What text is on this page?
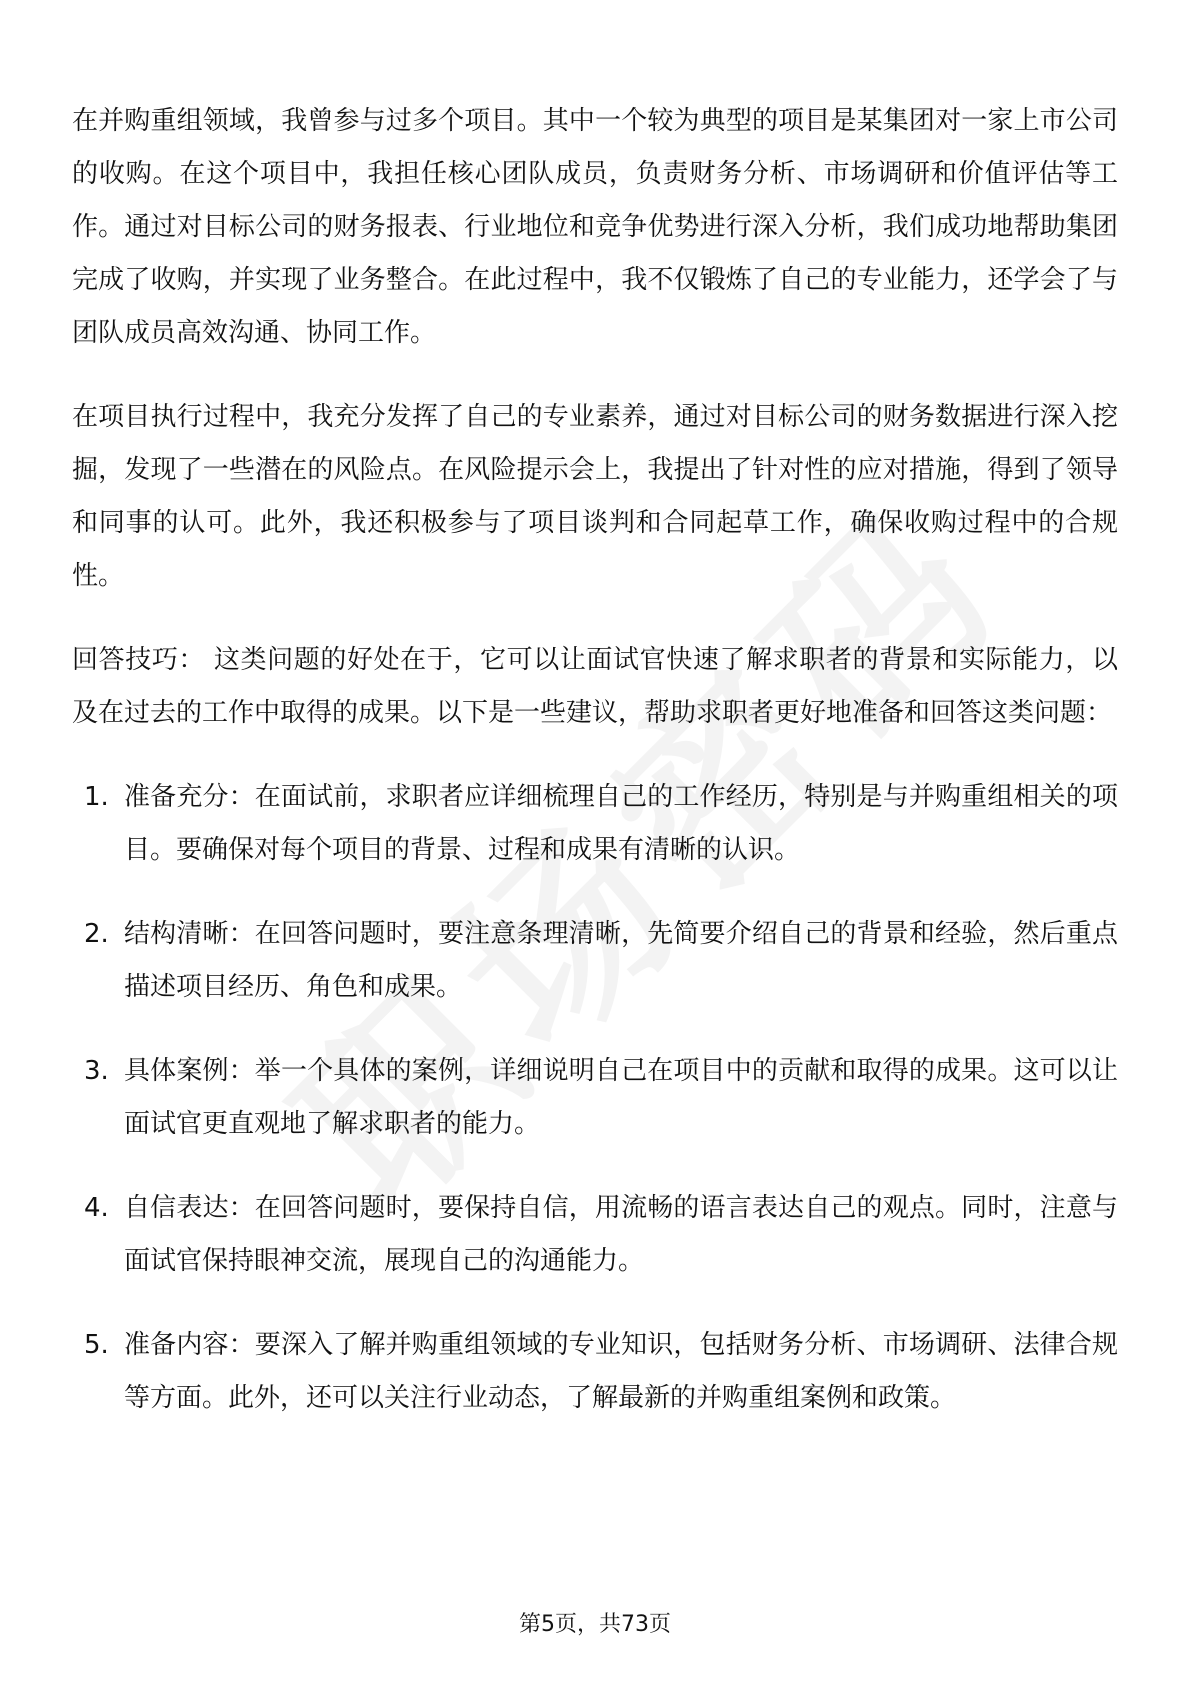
在并购重组领域，我曾参与过多个项目。其中一个较为典型的项目是某集团对一家上市公司的收购。在这个项目中，我担任核心团队成员，负责财务分析、市场调研和价值评估等工作。通过对目标公司的财务报表、行业地位和竞争优势进行深入分析，我们成功地帮助集团完成了收购，并实现了业务整合。在此过程中，我不仅锻炼了自己的专业能力，还学会了与团队成员高效沟通、协同工作。

在项目执行过程中，我充分发挥了自己的专业素养，通过对目标公司的财务数据进行深入挖掘，发现了一些潜在的风险点。在风险提示会上，我提出了针对性的应对措施，得到了领导和同事的认可。此外，我还积极参与了项目谈判和合同起草工作，确保收购过程中的合规性。

回答技巧： 这类问题的好处在于，它可以让面试官快速了解求职者的背景和实际能力，以及在过去的工作中取得的成果。以下是一些建议，帮助求职者更好地准备和回答这类问题：

1. 准备充分：在面试前，求职者应详细梳理自己的工作经历，特别是与并购重组相关的项目。要确保对每个项目的背景、过程和成果有清晰的认识。
2. 结构清晰：在回答问题时，要注意条理清晰，先简要介绍自己的背景和经验，然后重点描述项目经历、角色和成果。
3. 具体案例：举一个具体的案例，详细说明自己在项目中的贡献和取得的成果。这可以让面试官更直观地了解求职者的能力。
4. 自信表达：在回答问题时，要保持自信，用流畅的语言表达自己的观点。同时，注意与面试官保持眼神交流，展现自己的沟通能力。
5. 准备内容：要深入了解并购重组领域的专业知识，包括财务分析、市场调研、法律合规等方面。此外，还可以关注行业动态，了解最新的并购重组案例和政策。
第5页，共73页
